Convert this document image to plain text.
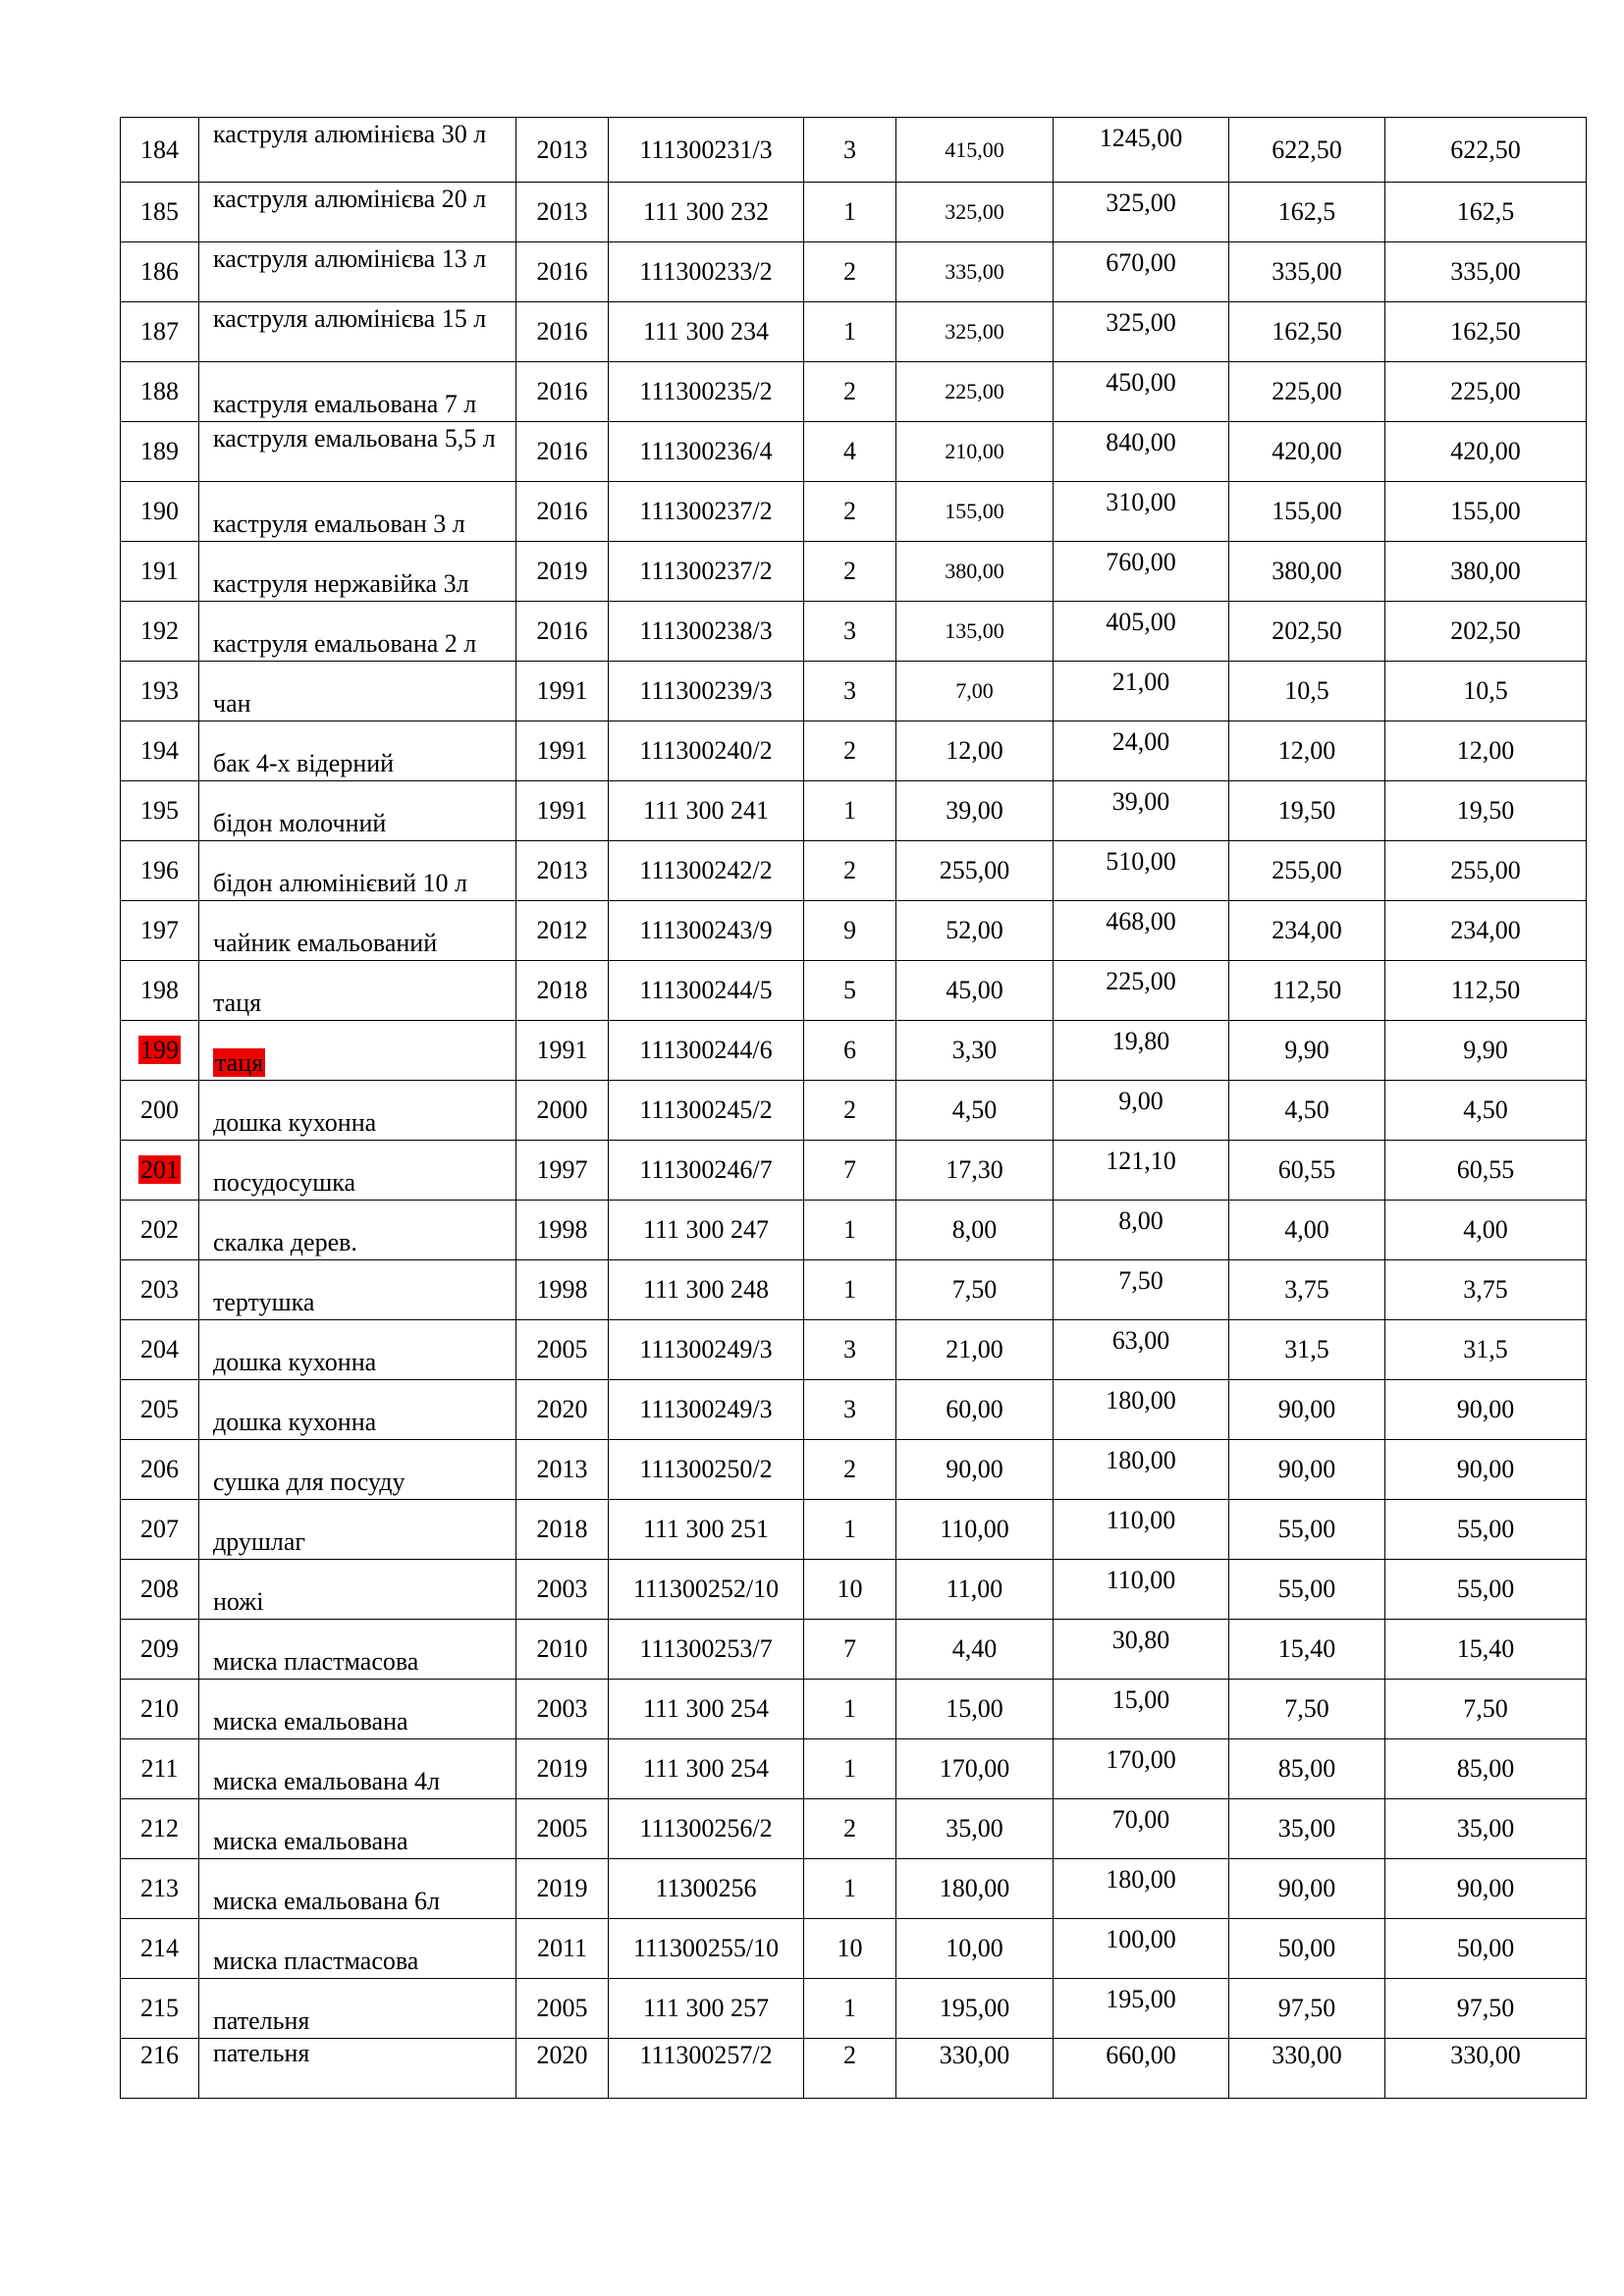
184	каструля алюмінієва 30 л	2013	111300231/3	3	415,00	1245,00	622,50	622,50
185	каструля алюмінієва 20 л	2013	111 300 232	1	325,00	325,00	162,5	162,5
186	каструля алюмінієва 13 л	2016	111300233/2	2	335,00	670,00	335,00	335,00
187	каструля алюмінієва 15 л	2016	111 300 234	1	325,00	325,00	162,50	162,50
188	каструля емальована 7 л	2016	111300235/2	2	225,00	450,00	225,00	225,00
189	каструля емальована 5,5 л	2016	111300236/4	4	210,00	840,00	420,00	420,00
190	каструля емальован 3 л	2016	111300237/2	2	155,00	310,00	155,00	155,00
191	каструля нержавійка 3л	2019	111300237/2	2	380,00	760,00	380,00	380,00
192	каструля емальована 2 л	2016	111300238/3	3	135,00	405,00	202,50	202,50
193	чан	1991	111300239/3	3	7,00	21,00	10,5	10,5
194	бак 4-х відерний	1991	111300240/2	2	12,00	24,00	12,00	12,00
195	бідон молочний	1991	111 300 241	1	39,00	39,00	19,50	19,50
196	бідон алюмінієвий 10 л	2013	111300242/2	2	255,00	510,00	255,00	255,00
197	чайник емальований	2012	111300243/9	9	52,00	468,00	234,00	234,00
198	таця	2018	111300244/5	5	45,00	225,00	112,50	112,50
199	таця	1991	111300244/6	6	3,30	19,80	9,90	9,90
200	дошка кухонна	2000	111300245/2	2	4,50	9,00	4,50	4,50
201	посудосушка	1997	111300246/7	7	17,30	121,10	60,55	60,55
202	скалка дерев.	1998	111 300 247	1	8,00	8,00	4,00	4,00
203	тертушка	1998	111 300 248	1	7,50	7,50	3,75	3,75
204	дошка кухонна	2005	111300249/3	3	21,00	63,00	31,5	31,5
205	дошка кухонна	2020	111300249/3	3	60,00	180,00	90,00	90,00
206	сушка для посуду	2013	111300250/2	2	90,00	180,00	90,00	90,00
207	друшлаг	2018	111 300 251	1	110,00	110,00	55,00	55,00
208	ножі	2003	111300252/10	10	11,00	110,00	55,00	55,00
209	миска пластмасова	2010	111300253/7	7	4,40	30,80	15,40	15,40
210	миска емальована	2003	111 300 254	1	15,00	15,00	7,50	7,50
211	миска емальована 4л	2019	111 300 254	1	170,00	170,00	85,00	85,00
212	миска емальована	2005	111300256/2	2	35,00	70,00	35,00	35,00
213	миска емальована 6л	2019	11300256	1	180,00	180,00	90,00	90,00
214	миска пластмасова	2011	111300255/10	10	10,00	100,00	50,00	50,00
215	пательня	2005	111 300 257	1	195,00	195,00	97,50	97,50
216	пательня	2020	111300257/2	2	330,00	660,00	330,00	330,00
